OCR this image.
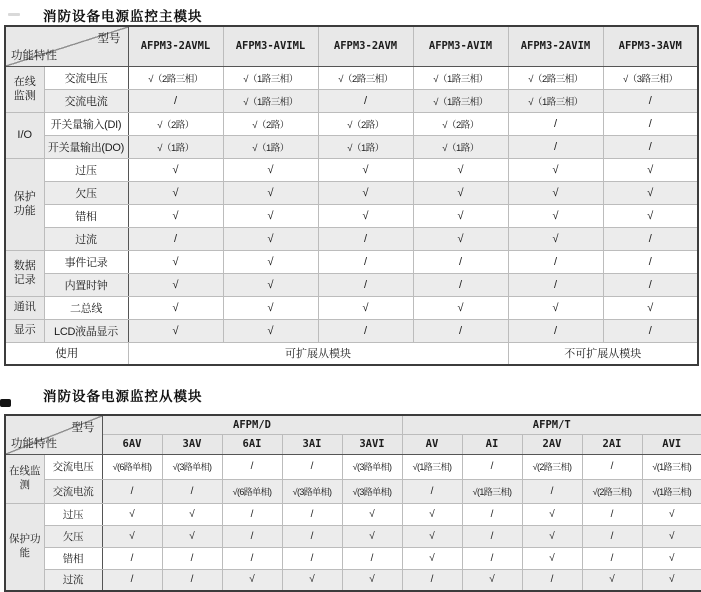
消防设备电源监控主模块
型号
功能特性		AFPM3-2AVML	AFPM3-AVIML	AFPM3-2AVM	AFPM3-AVIM	AFPM3-2AVIM	AFPM3-3AVM
在线监测	交流电压	√（2路三相）	√（1路三相）	√（2路三相）	√（1路三相）	√（2路三相）	√（3路三相）
	交流电流	/	√（1路三相）	/	√（1路三相）	√（1路三相）	/
I/O	开关量输入(DI)	√（2路）	√（2路）	√（2路）	√（2路）	/	/
	开关量输出(DO)	√（1路）	√（1路）	√（1路）	√（1路）	/	/
保护功能	过压	√	√	√	√	√	√
	欠压	√	√	√	√	√	√
	错相	√	√	√	√	√	√
	过流	/	√	/	√	√	/
数据记录	事件记录	√	√	/	/	/	/
	内置时钟	√	√	/	/	/	/
通讯	二总线	√	√	√	√	√	√
显示	LCD液晶显示	√	√	/	/	/	/
使用		可扩展从模块				不可扩展从模块	
消防设备电源监控从模块
型号
功能特性		AFPM/D					AFPM/T				
		6AV	3AV	6AI	3AI	3AVI	AV	AI	2AV	2AI	AVI
在线监测	交流电压	√(6路单相)	√(3路单相)	/	/	√(3路单相)	√(1路三相)	/	√(2路三相)	/	√(1路三相)
	交流电流	/	/	√(6路单相)	√(3路单相)	√(3路单相)	/	√(1路三相)	/	√(2路三相)	√(1路三相)
保护功能	过压	√	√	/	/	√	√	/	√	/	√
	欠压	√	√	/	/	√	√	/	√	/	√
	错相	/	/	/	/	/	√	/	√	/	√
	过流	/	/	√	√	√	/	√	/	√	√
